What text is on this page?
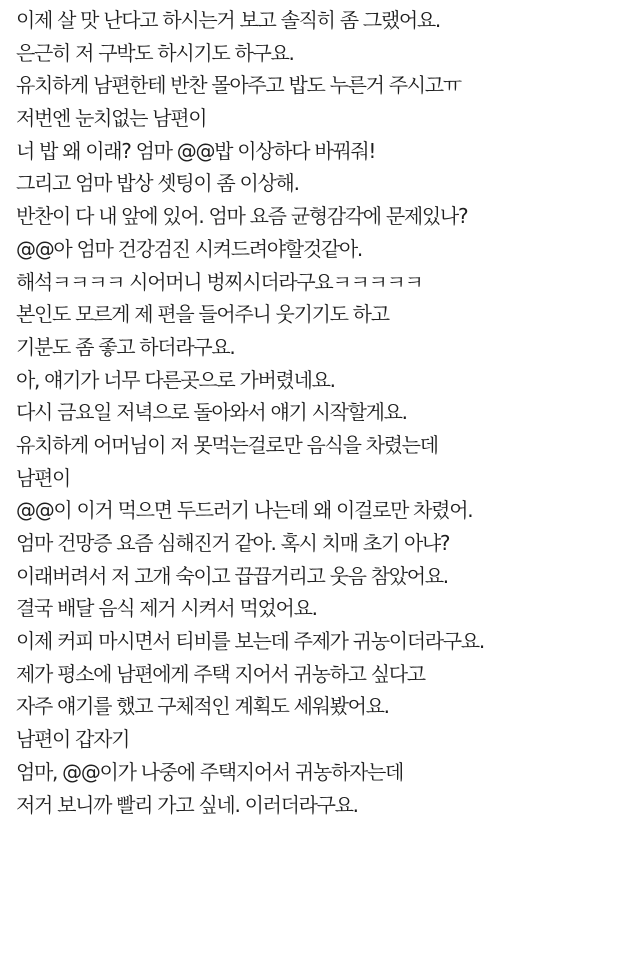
이제 살 맛 난다고 하시는거 보고 솔직히 좀 그랬어요.
은근히 저 구박도 하시기도 하구요.
유치하게 남편한테 반찬 몰아주고 밥도 누른거 주시고ㅠ
저번엔 눈치없는 남편이
너 밥 왜 이래? 엄마 @@밥 이상하다 바꿔줘!
그리고 엄마 밥상 셋팅이 좀 이상해.
반찬이 다 내 앞에 있어. 엄마 요즘 균형감각에 문제있나?
@@아 엄마 건강검진 시켜드려야할것같아.
해석ㅋㅋㅋㅋ 시어머니 벙찌시더라구요ㅋㅋㅋㅋㅋ
본인도 모르게 제 편을 들어주니 웃기기도 하고
기분도 좀 좋고 하더라구요.
아, 얘기가 너무 다른곳으로 가버렸네요.
다시 금요일 저녁으로 돌아와서 얘기 시작할게요.
유치하게 어머님이 저 못먹는걸로만 음식을 차렸는데
남편이
@@이 이거 먹으면 두드러기 나는데 왜 이걸로만 차렸어.
엄마 건망증 요즘 심해진거 같아. 혹시 치매 초기 아냐?
이래버려서 저 고개 숙이고 끕끕거리고 웃음 참았어요.
결국 배달 음식 제거 시켜서 먹었어요.
이제 커피 마시면서 티비를 보는데 주제가 귀농이더라구요.
제가 평소에 남편에게 주택 지어서 귀농하고 싶다고
자주 얘기를 했고 구체적인 계획도 세워봤어요.
남편이 갑자기
엄마, @@이가 나중에 주택지어서 귀농하자는데
저거 보니까 빨리 가고 싶네. 이러더라구요.
